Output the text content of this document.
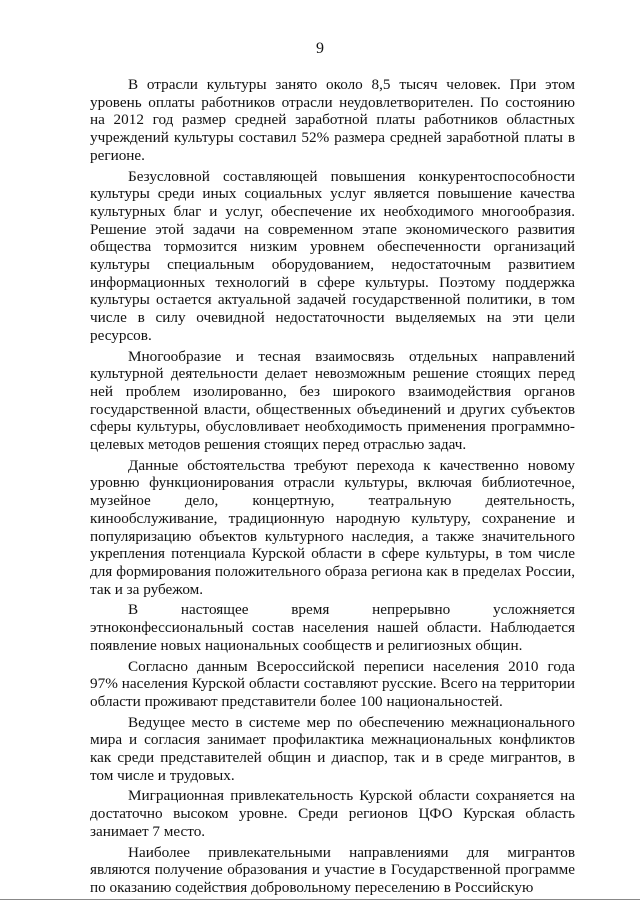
9

В отрасли культуры занято около 8,5 тысяч человек. При этом уровень оплаты работников отрасли неудовлетворителен. По состоянию на 2012 год размер средней заработной платы работников областных учреждений культуры составил 52% размера средней заработной платы в регионе.

Безусловной составляющей повышения конкурентоспособности культуры среди иных социальных услуг является повышение качества культурных благ и услуг, обеспечение их необходимого многообразия. Решение этой задачи на современном этапе экономического развития общества тормозится низким уровнем обеспеченности организаций культуры специальным оборудованием, недостаточным развитием информационных технологий в сфере культуры. Поэтому поддержка культуры остается актуальной задачей государственной политики, в том числе в силу очевидной недостаточности выделяемых на эти цели ресурсов.

Многообразие и тесная взаимосвязь отдельных направлений культурной деятельности делает невозможным решение стоящих перед ней проблем изолированно, без широкого взаимодействия органов государственной власти, общественных объединений и других субъектов сферы культуры, обусловливает необходимость применения программно-целевых методов решения стоящих перед отраслью задач.

Данные обстоятельства требуют перехода к качественно новому уровню функционирования отрасли культуры, включая библиотечное, музейное дело, концертную, театральную деятельность, кинообслуживание, традиционную народную культуру, сохранение и популяризацию объектов культурного наследия, а также значительного укрепления потенциала Курской области в сфере культуры, в том числе для формирования положительного образа региона как в пределах России, так и за рубежом.

В настоящее время непрерывно усложняется этноконфессиональный состав населения нашей области. Наблюдается появление новых национальных сообществ и религиозных общин.

Согласно данным Всероссийской переписи населения 2010 года 97% населения Курской области составляют русские. Всего на территории области проживают представители более 100 национальностей.

Ведущее место в системе мер по обеспечению межнационального мира и согласия занимает профилактика межнациональных конфликтов как среди представителей общин и диаспор, так и в среде мигрантов, в том числе и трудовых.

Миграционная привлекательность Курской области сохраняется на достаточно высоком уровне. Среди регионов ЦФО Курская область занимает 7 место.

Наиболее привлекательными направлениями для мигрантов являются получение образования и участие в Государственной программе по оказанию содействия добровольному переселению в Российскую
